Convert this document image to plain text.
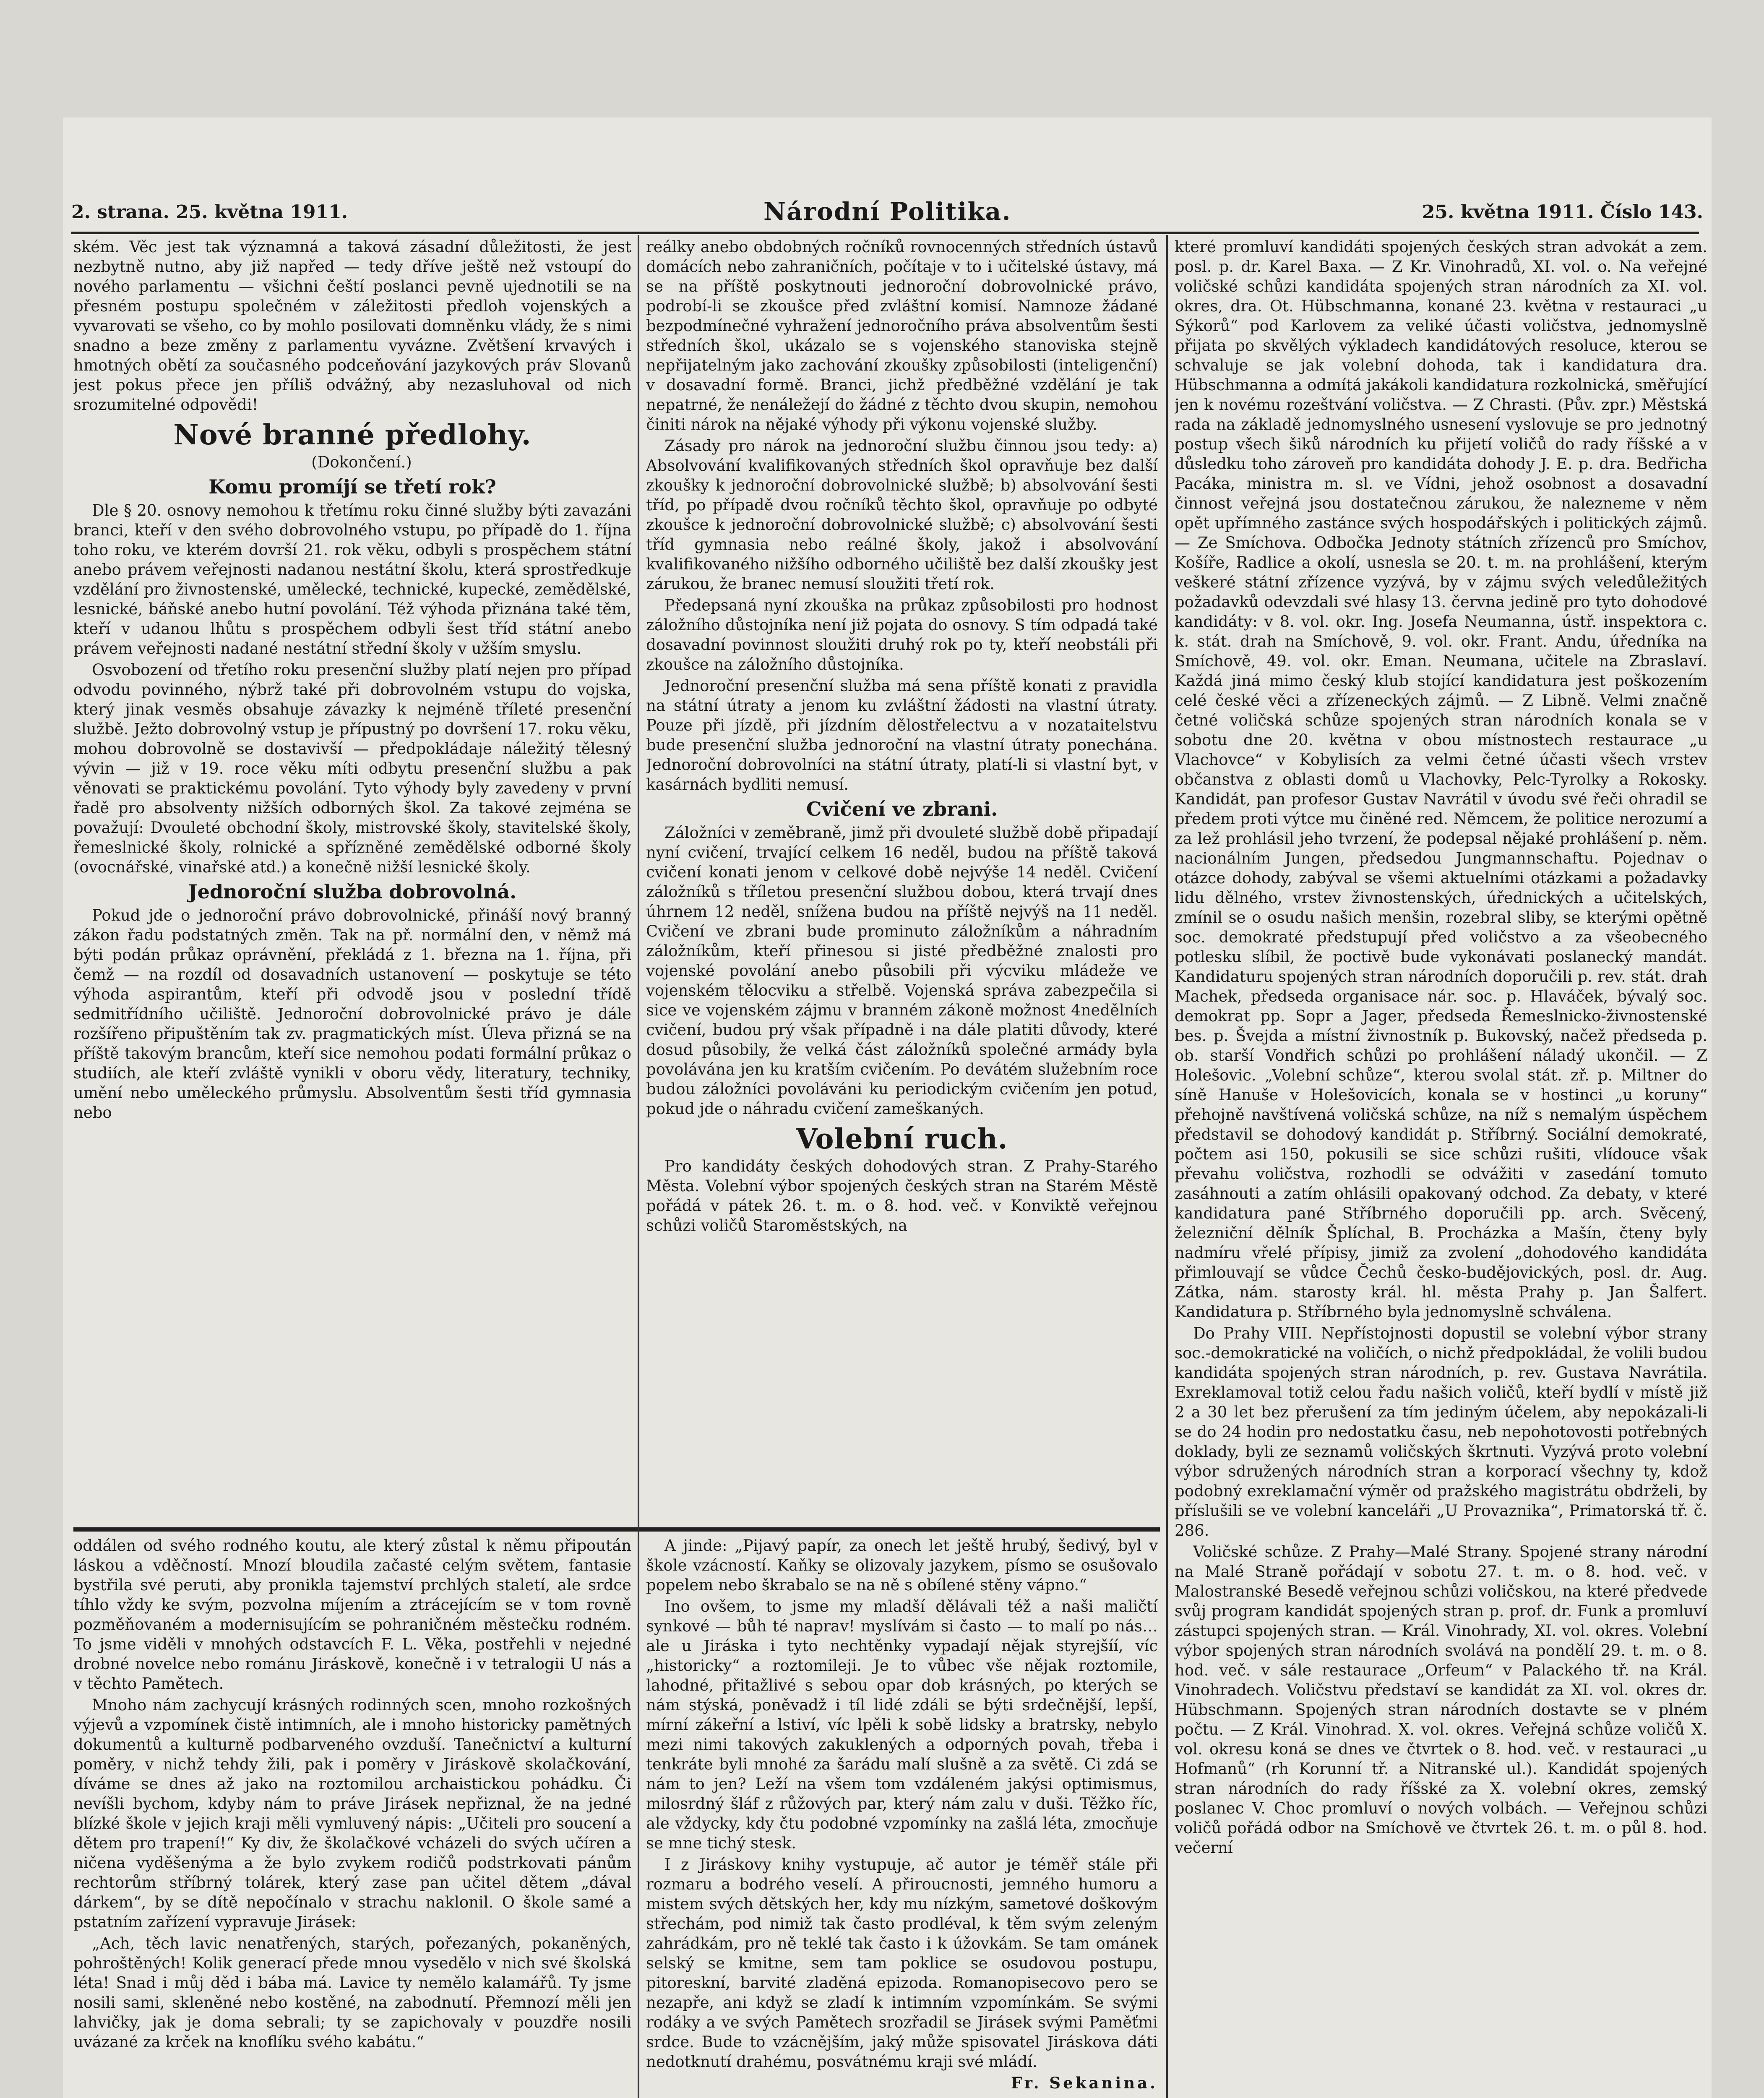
2. strana. 25. května 1911.	Národní Politika.	25. května 1911. Číslo 143.

ském. Věc jest tak významná a taková zásadní důležitosti, že jest nezbytně nutno, aby již napřed — tedy dříve ještě než vstoupí do nového parlamentu — všichni čeští poslanci pevně ujednotili se na přesném postupu společném v záležitosti předloh vojenských a vyvarovati se všeho, co by mohlo posilovati domněnku vlády, že s nimi snadno a beze změny z parlamentu vyvázne. Zvětšení krvavých i hmotných obětí za současného podceňování jazykových práv Slovanů jest pokus přece jen příliš odvážný, aby nezasluhoval od nich srozumitelné odpovědi!

Nové branné předlohy.

(Dokončení.)

Komu promíjí se třetí rok?

Dle § 20. osnovy nemohou k třetímu roku činné služby býti zavazáni branci, kteří v den svého dobrovolného vstupu, po případě do 1. října toho roku, ve kterém dovrší 21. rok věku, odbyli s prospěchem státní anebo právem veřejnosti nadanou nestátní školu, která sprostředkuje vzdělání pro živnostenské, umělecké, technické, kupecké, zemědělské, lesnické, báňské anebo hutní povolání. Též výhoda přiznána také těm, kteří v udanou lhůtu s prospěchem odbyli šest tříd státní anebo právem veřejnosti nadané nestátní střední školy v užším smyslu.

Osvobození od třetího roku presenční služby platí nejen pro případ odvodu povinného, nýbrž také při dobrovolném vstupu do vojska, který jinak vesměs obsahuje závazky k nejméně tříleté presenční službě. Ježto dobrovolný vstup je přípustný po dovršení 17. roku věku, mohou dobrovolně se dostavivší — předpokládaje náležitý tělesný vývin — již v 19. roce věku míti odbytu presenční službu a pak věnovati se praktickému povolání. Tyto výhody byly zavedeny v první řadě pro absolventy nižších odborných škol. Za takové zejména se považují: Dvouleté obchodní školy, mistrovské školy, stavitelské školy, řemeslnické školy, rolnické a spřízněné zemědělské odborné školy (ovocnářské, vinařské atd.) a konečně nižší lesnické školy.

Jednoroční služba dobrovolná.

Pokud jde o jednoroční právo dobrovolnické, přináší nový branný zákon řadu podstatných změn. Tak na př. normální den, v němž má býti podán průkaz oprávnění, překládá z 1. března na 1. října, při čemž — na rozdíl od dosavadních ustanovení — poskytuje se této výhoda aspirantům, kteří při odvodě jsou v poslední třídě sedmitřídního učiliště. Jednoroční dobrovolnické právo je dále rozšířeno připuštěním tak zv. pragmatických míst. Úleva přizná se na příště takovým brancům, kteří sice nemohou podati formální průkaz o studiích, ale kteří zvláště vynikli v oboru vědy, literatury, techniky, umění nebo uměleckého průmyslu. Absolventům šesti tříd gymnasia nebo

reálky anebo obdobných ročníků rovnocenných středních ústavů domácích nebo zahraničních, počítaje v to i učitelské ústavy, má se na příště poskytnouti jednoroční dobrovolnické právo, podrobí-li se zkoušce před zvláštní komisí. Namnoze žádané bezpodmínečné vyhražení jednoročního práva absolventům šesti středních škol, ukázalo se s vojenského stanoviska stejně nepřijatelným jako zachování zkoušky způsobilosti (inteligenční) v dosavadní formě. Branci, jichž předběžné vzdělání je tak nepatrné, že nenáležejí do žádné z těchto dvou skupin, nemohou činiti nárok na nějaké výhody při výkonu vojenské služby.

Zásady pro nárok na jednoroční službu činnou jsou tedy: a) Absolvování kvalifikovaných středních škol opravňuje bez další zkoušky k jednoroční dobrovolnické službě; b) absolvování šesti tříd, po případě dvou ročníků těchto škol, opravňuje po odbyté zkoušce k jednoroční dobrovolnické službě; c) absolvování šesti tříd gymnasia nebo reálné školy, jakož i absolvování kvalifikovaného nižšího odborného učiliště bez další zkoušky jest zárukou, že branec nemusí sloužiti třetí rok.

Předepsaná nyní zkouška na průkaz způsobilosti pro hodnost záložního důstojníka není již pojata do osnovy. S tím odpadá také dosavadní povinnost sloužiti druhý rok po ty, kteří neobstáli při zkoušce na záložního důstojníka.

Jednoroční presenční služba má sena příště konati z pravidla na státní útraty a jenom ku zvláštní žádosti na vlastní útraty. Pouze při jízdě, při jízdním dělostřelectvu a v nozataitelstvu bude presenční služba jednoroční na vlastní útraty ponechána. Jednoroční dobrovolníci na státní útraty, platí-li si vlastní byt, v kasárnách bydliti nemusí.

Cvičení ve zbrani.

Záložníci v zeměbraně, jimž při dvouleté službě době připadají nyní cvičení, trvající celkem 16 neděl, budou na příště taková cvičení konati jenom v celkové době nejvýše 14 neděl. Cvičení záložníků s tříletou presenční službou dobou, která trvají dnes úhrnem 12 neděl, snížena budou na příště nejvýš na 11 neděl. Cvičení ve zbrani bude prominuto záložníkům a náhradním záložníkům, kteří přinesou si jisté předběžné znalosti pro vojenské povolání anebo působili při výcviku mládeže ve vojenském tělocviku a střelbě. Vojenská správa zabezpečila si sice ve vojenském zájmu v branném zákoně možnost 4nedělních cvičení, budou prý však případně i na dále platiti důvody, které dosud působily, že velká část záložníků společné armády byla povolávána jen ku kratším cvičením. Po devátém služebním roce budou záložníci povoláváni ku periodickým cvičením jen potud, pokud jde o náhradu cvičení zameškaných.

Volební ruch.

Pro kandidáty českých dohodových stran. Z Prahy-Starého Města. Volební výbor spojených českých stran na Starém Městě pořádá v pátek 26. t. m. o 8. hod. več. v Konviktě veřejnou schůzi voličů Staroměstských, na

oddálen od svého rodného koutu, ale který zůstal k němu připoután láskou a vděčností. Mnozí bloudila začasté celým světem, fantasie bystřila své peruti, aby pronikla tajemství prchlých staletí, ale srdce tíhlo vždy ke svým, pozvolna míjením a ztrácejícím se v tom rovně pozměňovaném a modernisujícím se pohraničném městečku rodném. To jsme viděli v mnohých odstavcích F. L. Věka, postřehli v nejedné drobné novelce nebo románu Jiráskově, konečně i v tetralogii U nás a v těchto Pamětech.

Mnoho nám zachycují krásných rodinných scen, mnoho rozkošných výjevů a vzpomínek čistě intimních, ale i mnoho historicky pamětných dokumentů a kulturně podbarveného ovzduší. Tanečnictví a kulturní poměry, v nichž tehdy žili, pak i poměry v Jiráskově skolačkování, díváme se dnes až jako na roztomilou archaistickou pohádku. Či nevíšli bychom, kdyby nám to práve Jirásek nepřiznal, že na jedné blízké škole v jejich kraji měli vymluvený nápis: „Učiteli pro soucení a dětem pro trapení!“ Ky div, že školačkové vcházeli do svých učíren a ničena vyděšenýma a že bylo zvykem rodičů podstrkovati pánům rechtorům stříbrný tolárek, který zase pan učitel dětem „dával dárkem“, by se dítě nepočínalo v strachu naklonil. O škole samé a pstatním zařízení vypravuje Jirásek:

„Ach, těch lavic nenatřených, starých, pořezaných, pokaněných, pohroštěných! Kolik generací přede mnou vysedělo v nich své školská léta! Snad i můj děd i bába má. Lavice ty nemělo kalamářů. Ty jsme nosili sami, skleněné nebo kostěné, na zabodnutí. Přemnozí měli jen lahvičky, jak je doma sebrali; ty se zapichovaly v pouzdře nosili uvázané za krček na knoflíku svého kabátu.“

A jinde: „Pijavý papír, za onech let ještě hrubý, šedivý, byl v škole vzácností. Kaňky se olizovaly jazykem, písmo se osušovalo popelem nebo škrabalo se na ně s obílené stěny vápno.“

Ino ovšem, to jsme my mladší dělávali též a naši maličtí synkové — bůh té naprav! myslívám si často — to malí po nás… ale u Jiráska i tyto nechtěnky vypadají nějak styrejšíí, víc „historicky“ a roztomileji. Je to vůbec vše nějak roztomile, lahodné, přitažlivé s sebou opar dob krásných, po kterých se nám stýská, poněvadž i tíl lidé zdáli se býti srdečnější, lepší, mírní zákeřní a lstiví, víc lpěli k sobě lidsky a bratrsky, nebylo mezi nimi takových zakuklených a odporných povah, třeba i tenkráte byli mnohé za šarádu malí slušně a za světě. Ci zdá se nám to jen? Leží na všem tom vzdáleném jakýsi optimismus, milosrdný šláf z růžových par, který nám zalu v duši. Těžko říc, ale vždycky, kdy čtu podobné vzpomínky na zašlá léta, zmocňuje se mne tichý stesk.

I z Jiráskovy knihy vystupuje, ač autor je téměř stále při rozmaru a bodrého veselí. A přiroucnosti, jemného humoru a mistem svých dětských her, kdy mu nízkým, sametové doškovým střechám, pod nimiž tak často prodléval, k těm svým zeleným zahrádkám, pro ně teklé tak často i k úžovkám. Se tam ománek selský se kmitne, sem tam poklice se osudovou postupu, pitoreskní, barvité zladěná epizoda. Romanopisecovo pero se nezapře, ani když se zladí k intimním vzpomínkám. Se svými rodáky a ve svých Pamětech srozřadil se Jirásek svými Paměťmi srdce. Bude to vzácnějším, jaký může spisovatel Jiráskova dáti nedotknutí drahému, posvátnému kraji své mládí.

Fr. Sekanina.

které promluví kandidáti spojených českých stran advokát a zem. posl. p. dr. Karel Baxa. — Z Kr. Vinohradů, XI. vol. o. Na veřejné voličské schůzi kandidáta spojených stran národních za XI. vol. okres, dra. Ot. Hübschmanna, konané 23. května v restauraci „u Sýkorů“ pod Karlovem za veliké účasti voličstva, jednomyslně přijata po skvělých výkladech kandidátových resoluce, kterou se schvaluje se jak volební dohoda, tak i kandidatura dra. Hübschmanna a odmítá jakákoli kandidatura rozkolnická, směřující jen k novému rozeštvání voličstva. — Z Chrasti. (Pův. zpr.) Městská rada na základě jednomyslného usnesení vyslovuje se pro jednotný postup všech šiků národních ku přijetí voličů do rady říšské a v důsledku toho zároveň pro kandidáta dohody J. E. p. dra. Bedřicha Pacáka, ministra m. sl. ve Vídni, jehož osobnost a dosavadní činnost veřejná jsou dostatečnou zárukou, že nalezneme v něm opět upřímného zastánce svých hospodářských i politických zájmů. — Ze Smíchova. Odbočka Jednoty státních zřízenců pro Smíchov, Košíře, Radlice a okolí, usnesla se 20. t. m. na prohlášení, kterým veškeré státní zřízence vyzývá, by v zájmu svých veledůležitých požadavků odevzdali své hlasy 13. června jedině pro tyto dohodové kandidáty: v 8. vol. okr. Ing. Josefa Neumanna, ústř. inspektora c. k. stát. drah na Smíchově, 9. vol. okr. Frant. Andu, úředníka na Smíchově, 49. vol. okr. Eman. Neumana, učitele na Zbraslaví. Každá jiná mimo český klub stojící kandidatura jest poškozením celé české věci a zřízeneckých zájmů. — Z Libně. Velmi značně četné voličská schůze spojených stran národních konala se v sobotu dne 20. května v obou místnostech restaurace „u Vlachovce“ v Kobylisích za velmi četné účasti všech vrstev občanstva z oblasti domů u Vlachovky, Pelc-Tyrolky a Rokosky. Kandidát, pan profesor Gustav Navrátil v úvodu své řeči ohradil se předem proti výtce mu činěné red. Němcem, že politice nerozumí a za lež prohlásil jeho tvrzení, že podepsal nějaké prohlášení p. něm. nacionálním Jungen, předsedou Jungmannschaftu. Pojednav o otázce dohody, zabýval se všemi aktuelními otázkami a požadavky lidu dělného, vrstev živnostenských, úřednických a učitelských, zmínil se o osudu našich menšin, rozebral sliby, se kterými opětně soc. demokraté předstupují před voličstvo a za všeobecného potlesku slíbil, že poctivě bude vykonávati poslanecký mandát. Kandidaturu spojených stran národních doporučili p. rev. stát. drah Machek, předseda organisace nár. soc. p. Hlaváček, bývalý soc. demokrat pp. Sopr a Jager, předseda Řemeslnicko-živnostenské bes. p. Švejda a místní živnostník p. Bukovský, načež předseda p. ob. starší Vondřich schůzi po prohlášení náladý ukončil. — Z Holešovic. „Volební schůze“, kterou svolal stát. zř. p. Miltner do síně Hanuše v Holešovicích, konala se v hostinci „u koruny“ přehojně navštívená voličská schůze, na níž s nemalým úspěchem představil se dohodový kandidát p. Stříbrný. Sociální demokraté, počtem asi 150, pokusili se sice schůzi rušiti, vlídouce však převahu voličstva, rozhodli se odvážiti v zasedání tomuto zasáhnouti a zatím ohlásili opakovaný odchod. Za debaty, v které kandidatura pané Stříbrného doporučili pp. arch. Svěcený, železniční dělník Šplíchal, B. Procházka a Mašín, čteny byly nadmíru vřelé přípisy, jimiž za zvolení „dohodového kandidáta přimlouvají se vůdce Čechů česko-budějovických, posl. dr. Aug. Zátka, nám. starosty král. hl. města Prahy p. Jan Šalfert. Kandidatura p. Stříbrného byla jednomyslně schválena.

Do Prahy VIII. Nepřístojnosti dopustil se volební výbor strany soc.-demokratické na voličích, o nichž předpokládal, že volili budou kandidáta spojených stran národních, p. rev. Gustava Navrátila. Exreklamoval totiž celou řadu našich voličů, kteří bydlí v místě již 2 a 30 let bez přerušení za tím jediným účelem, aby nepokázali-li se do 24 hodin pro nedostatku času, neb nepohotovosti potřebných doklady, byli ze seznamů voličských škrtnuti. Vyzývá proto volební výbor sdružených národních stran a korporací všechny ty, kdož podobný exreklamační výměr od pražského magistrátu obdrželi, by příslušili se ve volební kanceláři „U Provaznika“, Primatorská tř. č. 286.

Voličské schůze. Z Prahy—Malé Strany. Spojené strany národní na Malé Straně pořádají v sobotu 27. t. m. o 8. hod. več. v Malostranské Besedě veřejnou schůzi voličskou, na které předvede svůj program kandidát spojených stran p. prof. dr. Funk a promluví zástupci spojených stran. — Král. Vinohrady, XI. vol. okres. Volební výbor spojených stran národních svolává na pondělí 29. t. m. o 8. hod. več. v sále restaurace „Orfeum“ v Palackého tř. na Král. Vinohradech. Voličstvu představí se kandidát za XI. vol. okres dr. Hübschmann. Spojených stran národních dostavte se v plném počtu. — Z Král. Vinohrad. X. vol. okres. Veřejná schůze voličů X. vol. okresu koná se dnes ve čtvrtek o 8. hod. več. v restauraci „u Hofmanů“ (rh Korunní tř. a Nitranské ul.). Kandidát spojených stran národních do rady říšské za X. volební okres, zemský poslanec V. Choc promluví o nových volbách. — Veřejnou schůzi voličů pořádá odbor na Smíchově ve čtvrtek 26. t. m. o půl 8. hod. večerní
